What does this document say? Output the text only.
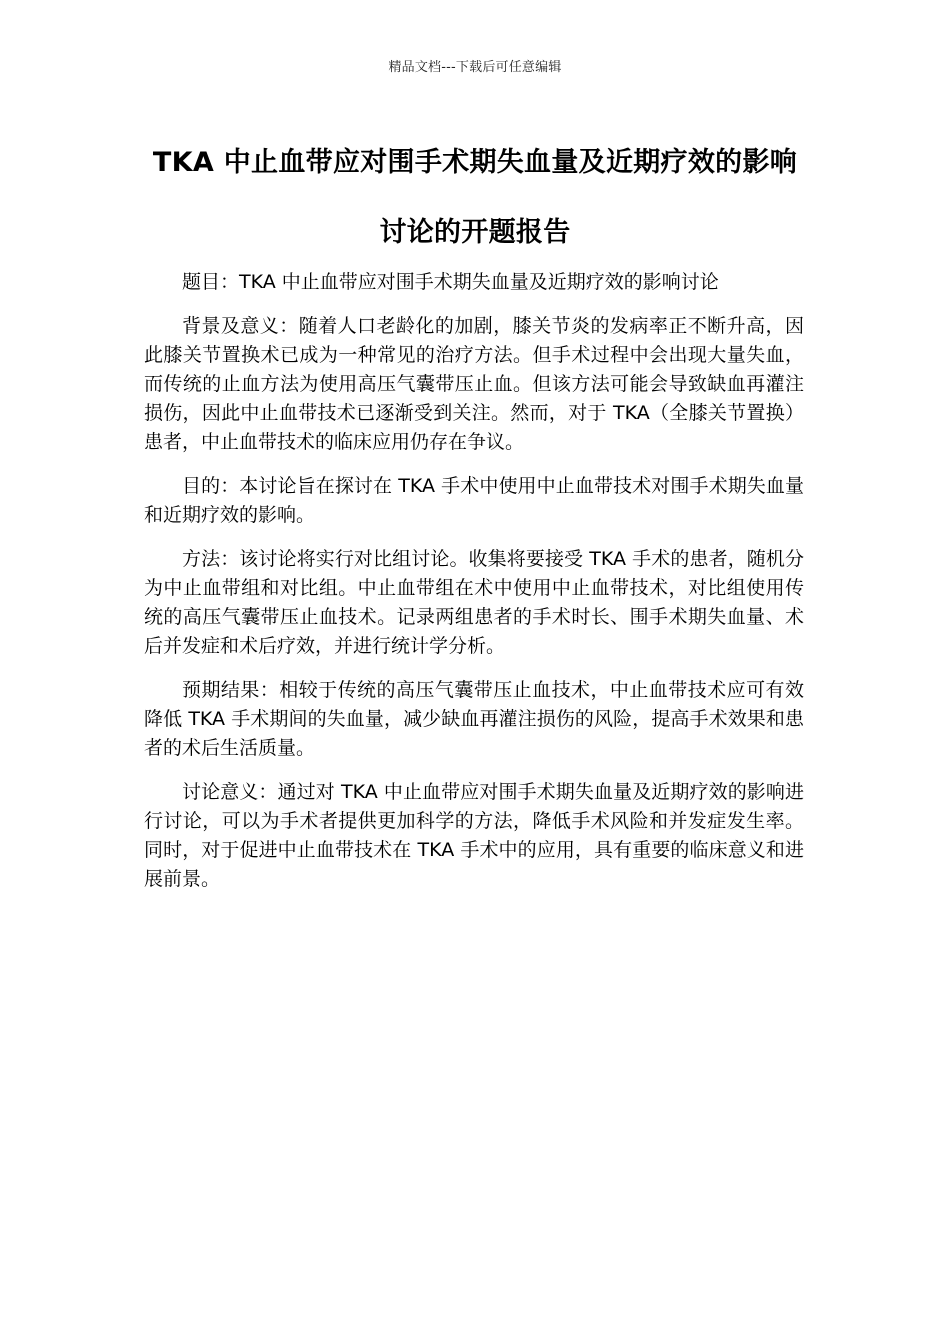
精品文档---下载后可任意编辑
TKA 中止血带应对围手术期失血量及近期疗效的影响讨论的开题报告

题目：TKA 中止血带应对围手术期失血量及近期疗效的影响讨论

背景及意义：随着人口老龄化的加剧，膝关节炎的发病率正不断升高，因此膝关节置换术已成为一种常见的治疗方法。但手术过程中会出现大量失血，而传统的止血方法为使用高压气囊带压止血。但该方法可能会导致缺血再灌注损伤，因此中止血带技术已逐渐受到关注。然而，对于 TKA（全膝关节置换）患者，中止血带技术的临床应用仍存在争议。

目的：本讨论旨在探讨在 TKA 手术中使用中止血带技术对围手术期失血量和近期疗效的影响。

方法：该讨论将实行对比组讨论。收集将要接受 TKA 手术的患者，随机分为中止血带组和对比组。中止血带组在术中使用中止血带技术，对比组使用传统的高压气囊带压止血技术。记录两组患者的手术时长、围手术期失血量、术后并发症和术后疗效，并进行统计学分析。

预期结果：相较于传统的高压气囊带压止血技术，中止血带技术应可有效降低 TKA 手术期间的失血量，减少缺血再灌注损伤的风险，提高手术效果和患者的术后生活质量。

讨论意义：通过对 TKA 中止血带应对围手术期失血量及近期疗效的影响进行讨论，可以为手术者提供更加科学的方法，降低手术风险和并发症发生率。同时，对于促进中止血带技术在 TKA 手术中的应用，具有重要的临床意义和进展前景。
